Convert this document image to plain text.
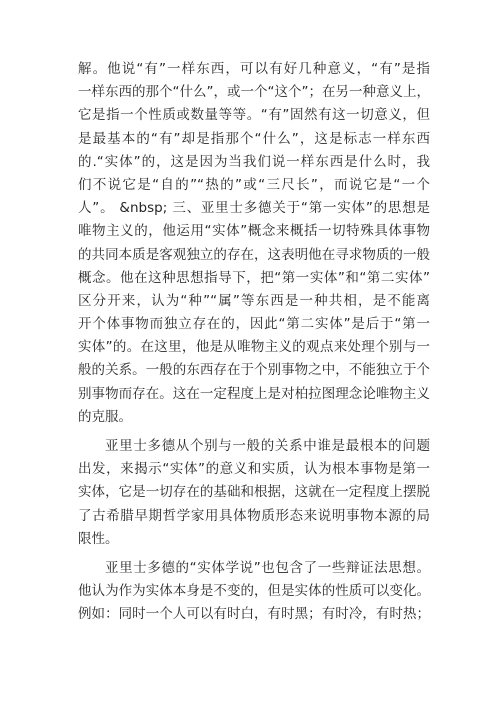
解。他说“有”一样东西，可以有好几种意义，“有”是指
一样东西的那个“什么”，或一个“这个”；在另一种意义上，
它是指一个性质或数量等等。“有”固然有这一切意义，但
是最基本的“有”却是指那个“什么”，这是标志一样东西
的.“实体”的，这是因为当我们说一样东西是什么时，我
们不说它是“自的”“热的”或“三尺长”，而说它是“一个
人”。 &nbsp; 三、亚里士多德关于“第一实体”的思想是
唯物主义的，他运用“实体”概念来概括一切特殊具体事物
的共同本质是客观独立的存在，这表明他在寻求物质的一般
概念。他在这种思想指导下，把“第一实体”和“第二实体”
区分开来，认为“种”“属”等东西是一种共相，是不能离
开个体事物而独立存在的，因此“第二实体”是后于“第一
实体”的。在这里，他是从唯物主义的观点来处理个别与一
般的关系。一般的东西存在于个别事物之中，不能独立于个
别事物而存在。这在一定程度上是对柏拉图理念论唯物主义
的克服。
亚里士多德从个别与一般的关系中谁是最根本的问题
出发，来揭示“实体”的意义和实质，认为根本事物是第一
实体，它是一切存在的基础和根据，这就在一定程度上摆脱
了古希腊早期哲学家用具体物质形态来说明事物本源的局
限性。
亚里士多德的“实体学说”也包含了一些辩证法思想。
他认为作为实体本身是不变的，但是实体的性质可以变化。
例如：同时一个人可以有时白，有时黑；有时冷，有时热；
